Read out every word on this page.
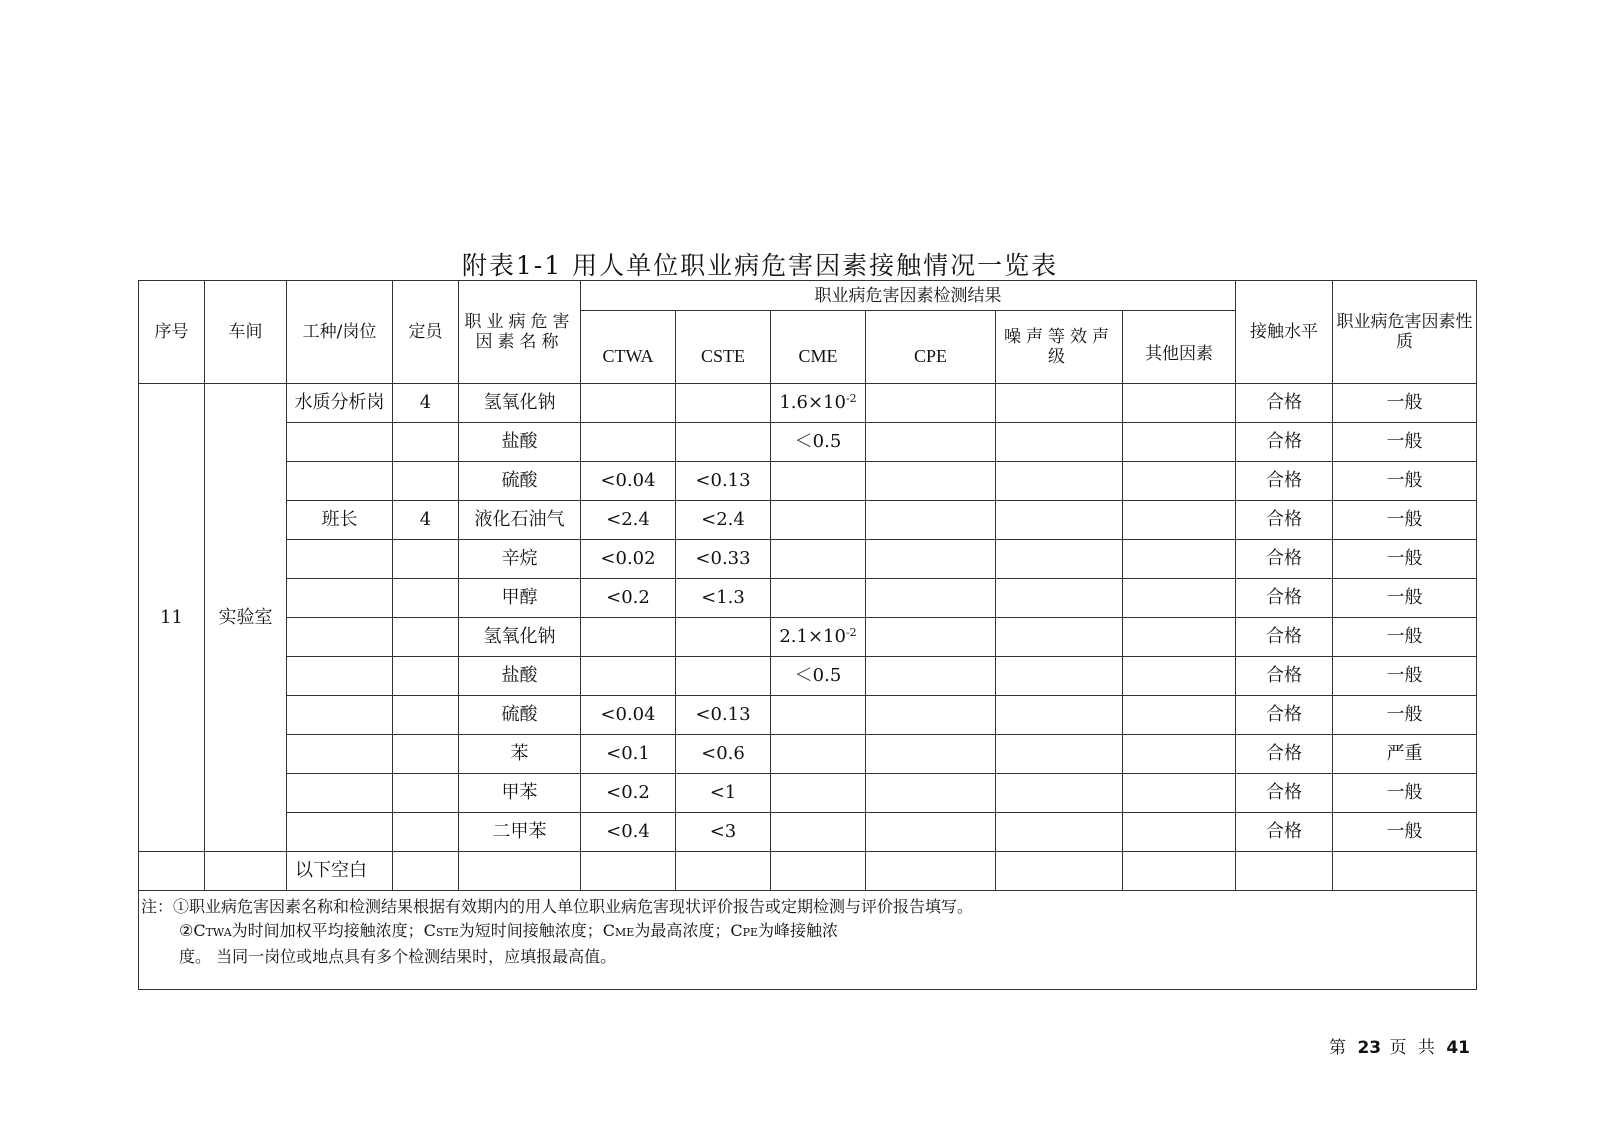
附表1-1 用人单位职业病危害因素接触情况一览表
序号	车间	工种/岗位	定员	职业病危害因素名称	职业病危害因素检测结果						接触水平	职业病危害因素性质
					CTWA	CSTE	CME	CPE	噪声等效声级	其他因素		
11	实验室	水质分析岗	4	氢氧化钠			$1.6\times 10^{-2}$				合格	一般
				盐酸			＜0.5				合格	一般
				硫酸	<0.04	<0.13					合格	一般
		班长	4	液化石油气	<2.4	<2.4					合格	一般
				辛烷	<0.02	<0.33					合格	一般
				甲醇	<0.2	<1.3					合格	一般
				氢氧化钠			$2.1\times 10^{-2}$				合格	一般
				盐酸			＜0.5				合格	一般
				硫酸	<0.04	<0.13					合格	一般
				苯	<0.1	<0.6					合格	严重
				甲苯	<0.2	<1					合格	一般
				二甲苯	<0.4	<3					合格	一般
		以下空白										

注：①职业病危害因素名称和检测结果根据有效期内的用人单位职业病危害现状评价报告或定期检测与评价报告填写。
②CTWA为时间加权平均接触浓度；CSTE为短时间接触浓度；CME为最高浓度；CPE为峰接触浓
度。 当同一岗位或地点具有多个检测结果时，应填报最高值。												
第 23 页 共 41
